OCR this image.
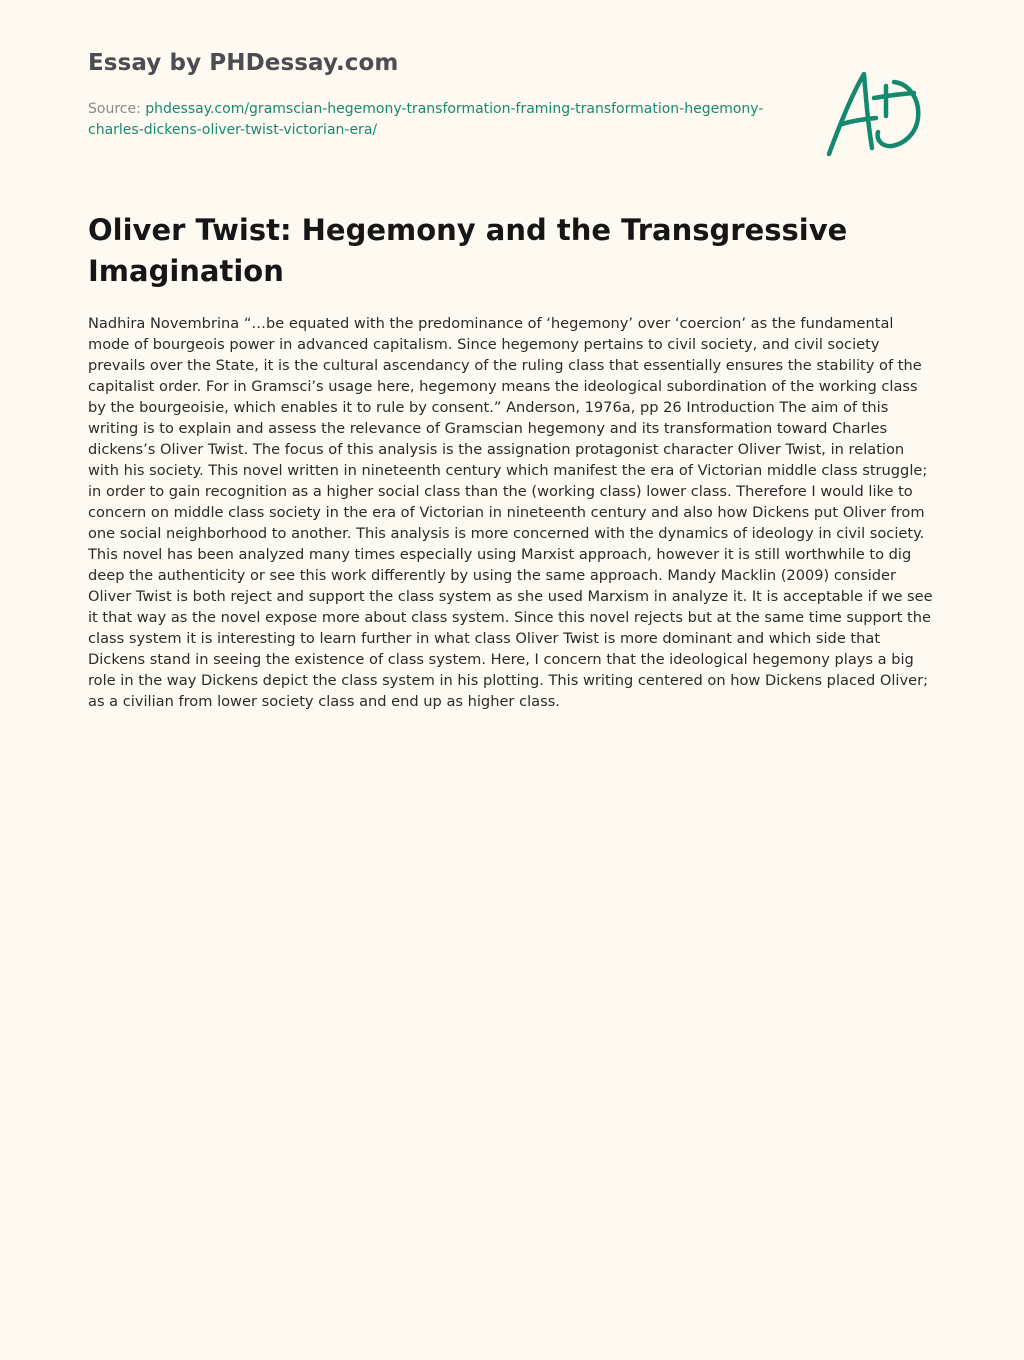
Essay by PHDessay.com
Source: phdessay.com/gramscian-hegemony-transformation-framing-transformation-hegemony-charles-dickens-oliver-twist-victorian-era/
Oliver Twist: Hegemony and the Transgressive Imagination

Nadhira Novembrina “…be equated with the predominance of ‘hegemony’ over ‘coercion’ as the fundamental mode of bourgeois power in advanced capitalism. Since hegemony pertains to civil society, and civil society prevails over the State, it is the cultural ascendancy of the ruling class that essentially ensures the stability of the capitalist order. For in Gramsci’s usage here, hegemony means the ideological subordination of the working class by the bourgeoisie, which enables it to rule by consent.” Anderson, 1976a, pp 26 Introduction The aim of this writing is to explain and assess the relevance of Gramscian hegemony and its transformation toward Charles dickens’s Oliver Twist. The focus of this analysis is the assignation protagonist character Oliver Twist, in relation with his society. This novel written in nineteenth century which manifest the era of Victorian middle class struggle; in order to gain recognition as a higher social class than the (working class) lower class. Therefore I would like to concern on middle class society in the era of Victorian in nineteenth century and also how Dickens put Oliver from one social neighborhood to another. This analysis is more concerned with the dynamics of ideology in civil society. This novel has been analyzed many times especially using Marxist approach, however it is still worthwhile to dig deep the authenticity or see this work differently by using the same approach. Mandy Macklin (2009) consider Oliver Twist is both reject and support the class system as she used Marxism in analyze it. It is acceptable if we see it that way as the novel expose more about class system. Since this novel rejects but at the same time support the class system it is interesting to learn further in what class Oliver Twist is more dominant and which side that Dickens stand in seeing the existence of class system. Here, I concern that the ideological hegemony plays a big role in the way Dickens depict the class system in his plotting. This writing centered on how Dickens placed Oliver; as a civilian from lower society class and end up as higher class.
